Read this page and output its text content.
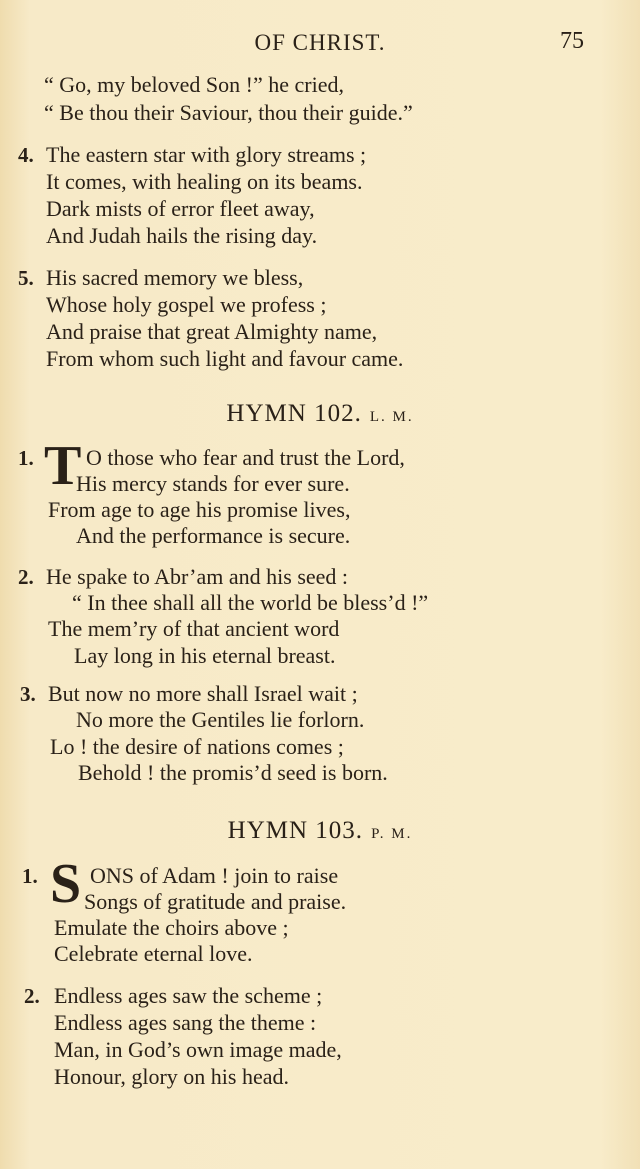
OF CHRIST.	75
“ Go, my beloved Son !” he cried,
“ Be thou their Saviour, thou their guide.”
4. The eastern star with glory streams ;
It comes, with healing on its beams.
Dark mists of error fleet away,
And Judah hails the rising day.
5. His sacred memory we bless,
Whose holy gospel we profess ;
And praise that great Almighty name,
From whom such light and favour came.
HYMN 102. L. M.
1. T O those who fear and trust the Lord,
His mercy stands for ever sure.
From age to age his promise lives,
And the performance is secure.
2. He spake to Abr’am and his seed :
“ In thee shall all the world be bless’d !”
The mem’ry of that ancient word
Lay long in his eternal breast.
3. But now no more shall Israel wait ;
No more the Gentiles lie forlorn.
Lo ! the desire of nations comes ;
Behold ! the promis’d seed is born.
HYMN 103. P. M.
1. S ONS of Adam ! join to raise
Songs of gratitude and praise.
Emulate the choirs above ;
Celebrate eternal love.
2. Endless ages saw the scheme ;
Endless ages sang the theme :
Man, in God’s own image made,
Honour, glory on his head.
